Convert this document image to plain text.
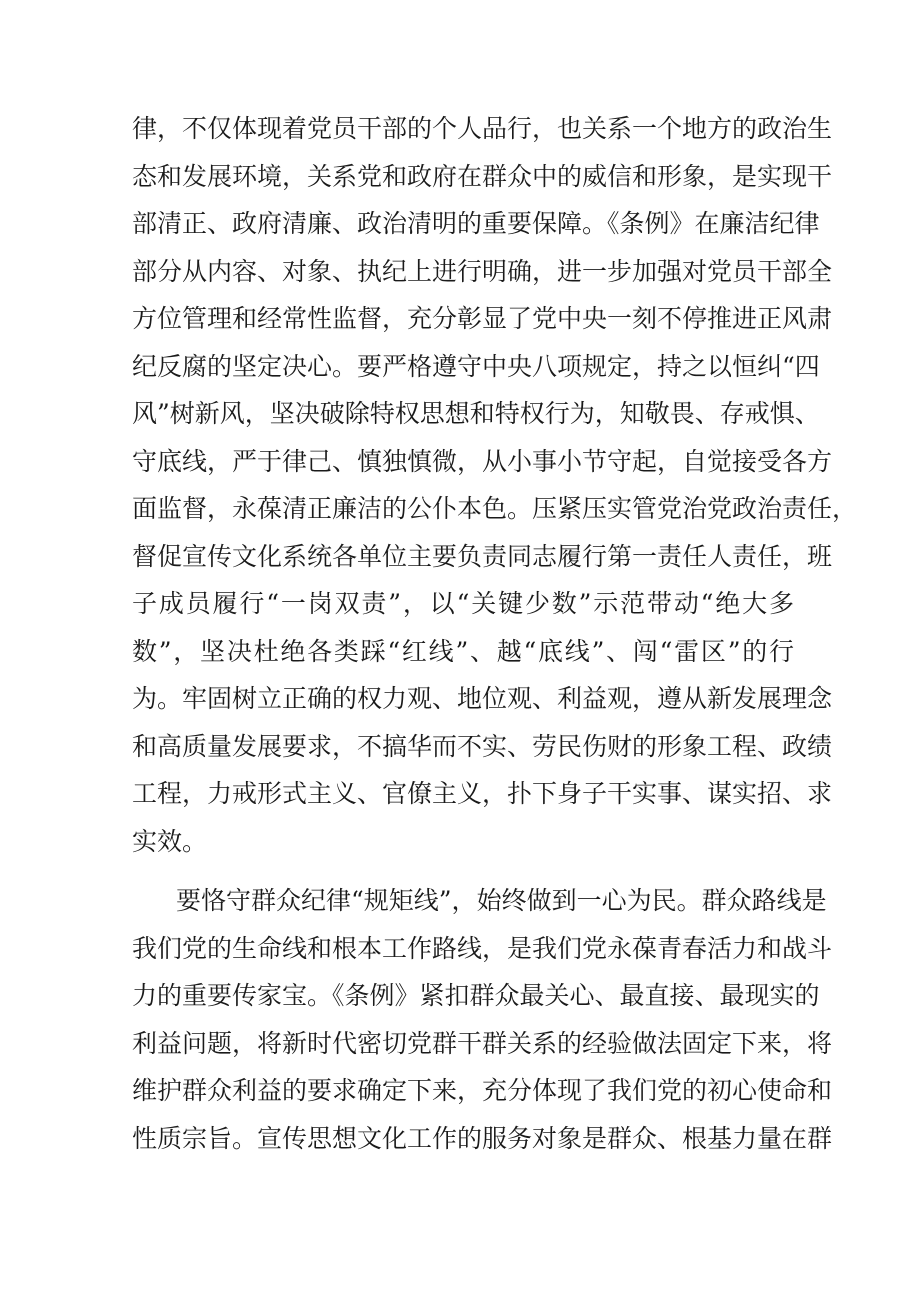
律，不仅体现着党员干部的个人品行，也关系一个地方的政治生
态和发展环境，关系党和政府在群众中的威信和形象，是实现干
部清正、政府清廉、政治清明的重要保障。《条例》在廉洁纪律
部分从内容、对象、执纪上进行明确，进一步加强对党员干部全
方位管理和经常性监督，充分彰显了党中央一刻不停推进正风肃
纪反腐的坚定决心。要严格遵守中央八项规定，持之以恒纠“四
风”树新风，坚决破除特权思想和特权行为，知敬畏、存戒惧、
守底线，严于律己、慎独慎微，从小事小节守起，自觉接受各方
面监督，永葆清正廉洁的公仆本色。压紧压实管党治党政治责任，
督促宣传文化系统各单位主要负责同志履行第一责任人责任，班
子成员履行“一岗双责”，以“关键少数”示范带动“绝大多
数”，坚决杜绝各类踩“红线”、越“底线”、闯“雷区”的行
为。牢固树立正确的权力观、地位观、利益观，遵从新发展理念
和高质量发展要求，不搞华而不实、劳民伤财的形象工程、政绩
工程，力戒形式主义、官僚主义，扑下身子干实事、谋实招、求
实效。
要恪守群众纪律“规矩线”，始终做到一心为民。群众路线是
我们党的生命线和根本工作路线，是我们党永葆青春活力和战斗
力的重要传家宝。《条例》紧扣群众最关心、最直接、最现实的
利益问题，将新时代密切党群干群关系的经验做法固定下来，将
维护群众利益的要求确定下来，充分体现了我们党的初心使命和
性质宗旨。宣传思想文化工作的服务对象是群众、根基力量在群
